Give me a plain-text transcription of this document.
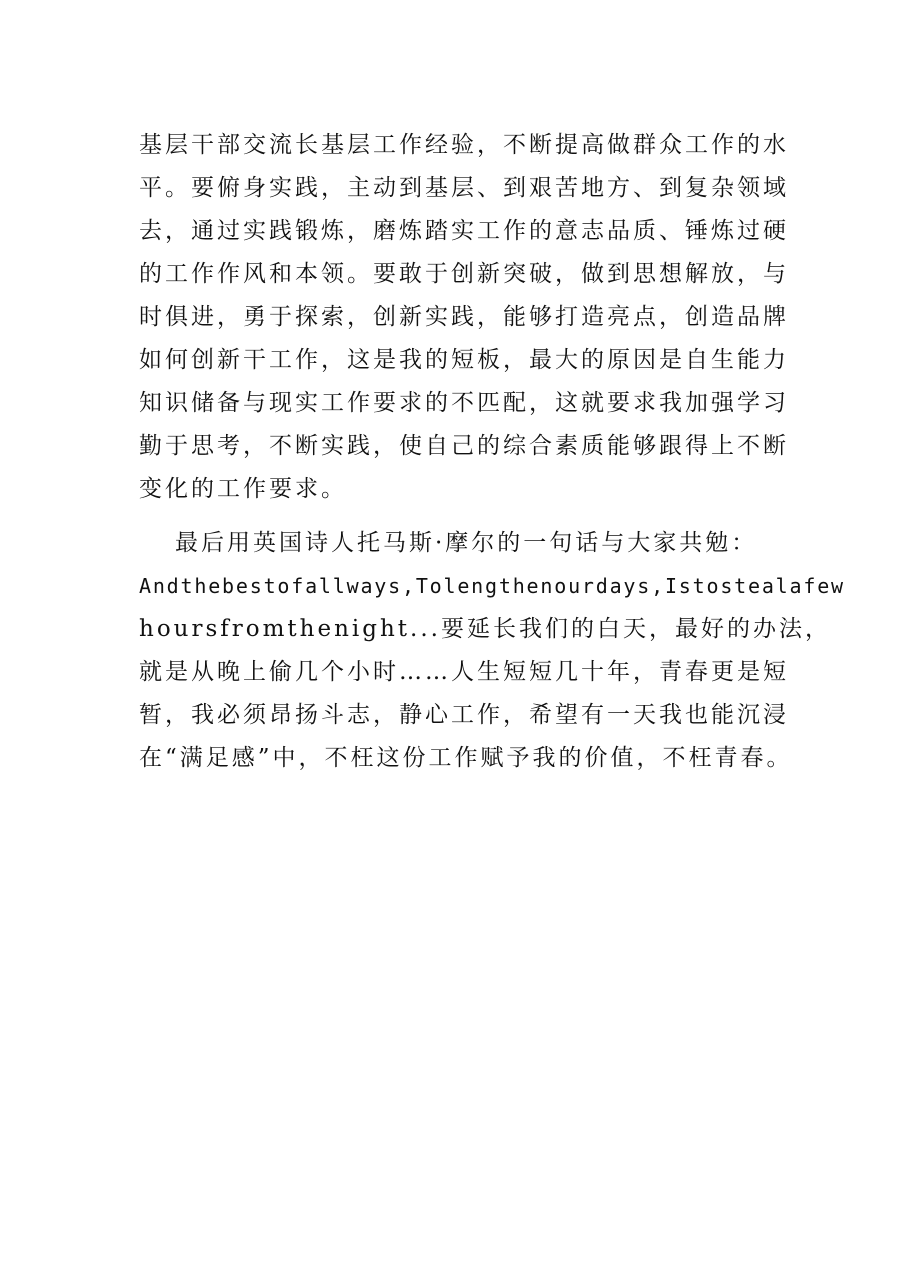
基层干部交流长基层工作经验，不断提高做群众工作的水
平。要俯身实践，主动到基层、到艰苦地方、到复杂领域
去，通过实践锻炼，磨炼踏实工作的意志品质、锤炼过硬
的工作作风和本领。要敢于创新突破，做到思想解放，与
时俱进，勇于探索，创新实践，能够打造亮点，创造品牌
如何创新干工作，这是我的短板，最大的原因是自生能力
知识储备与现实工作要求的不匹配，这就要求我加强学习
勤于思考，不断实践，使自己的综合素质能够跟得上不断
变化的工作要求。
最后用英国诗人托马斯·摩尔的一句话与大家共勉：
Andthebestofallways,Tolengthenourdays,Istostealafew
hoursfromthenight...要延长我们的白天，最好的办法，
就是从晚上偷几个小时……人生短短几十年，青春更是短
暂，我必须昂扬斗志，静心工作，希望有一天我也能沉浸
在“满足感”中，不枉这份工作赋予我的价值，不枉青春。
